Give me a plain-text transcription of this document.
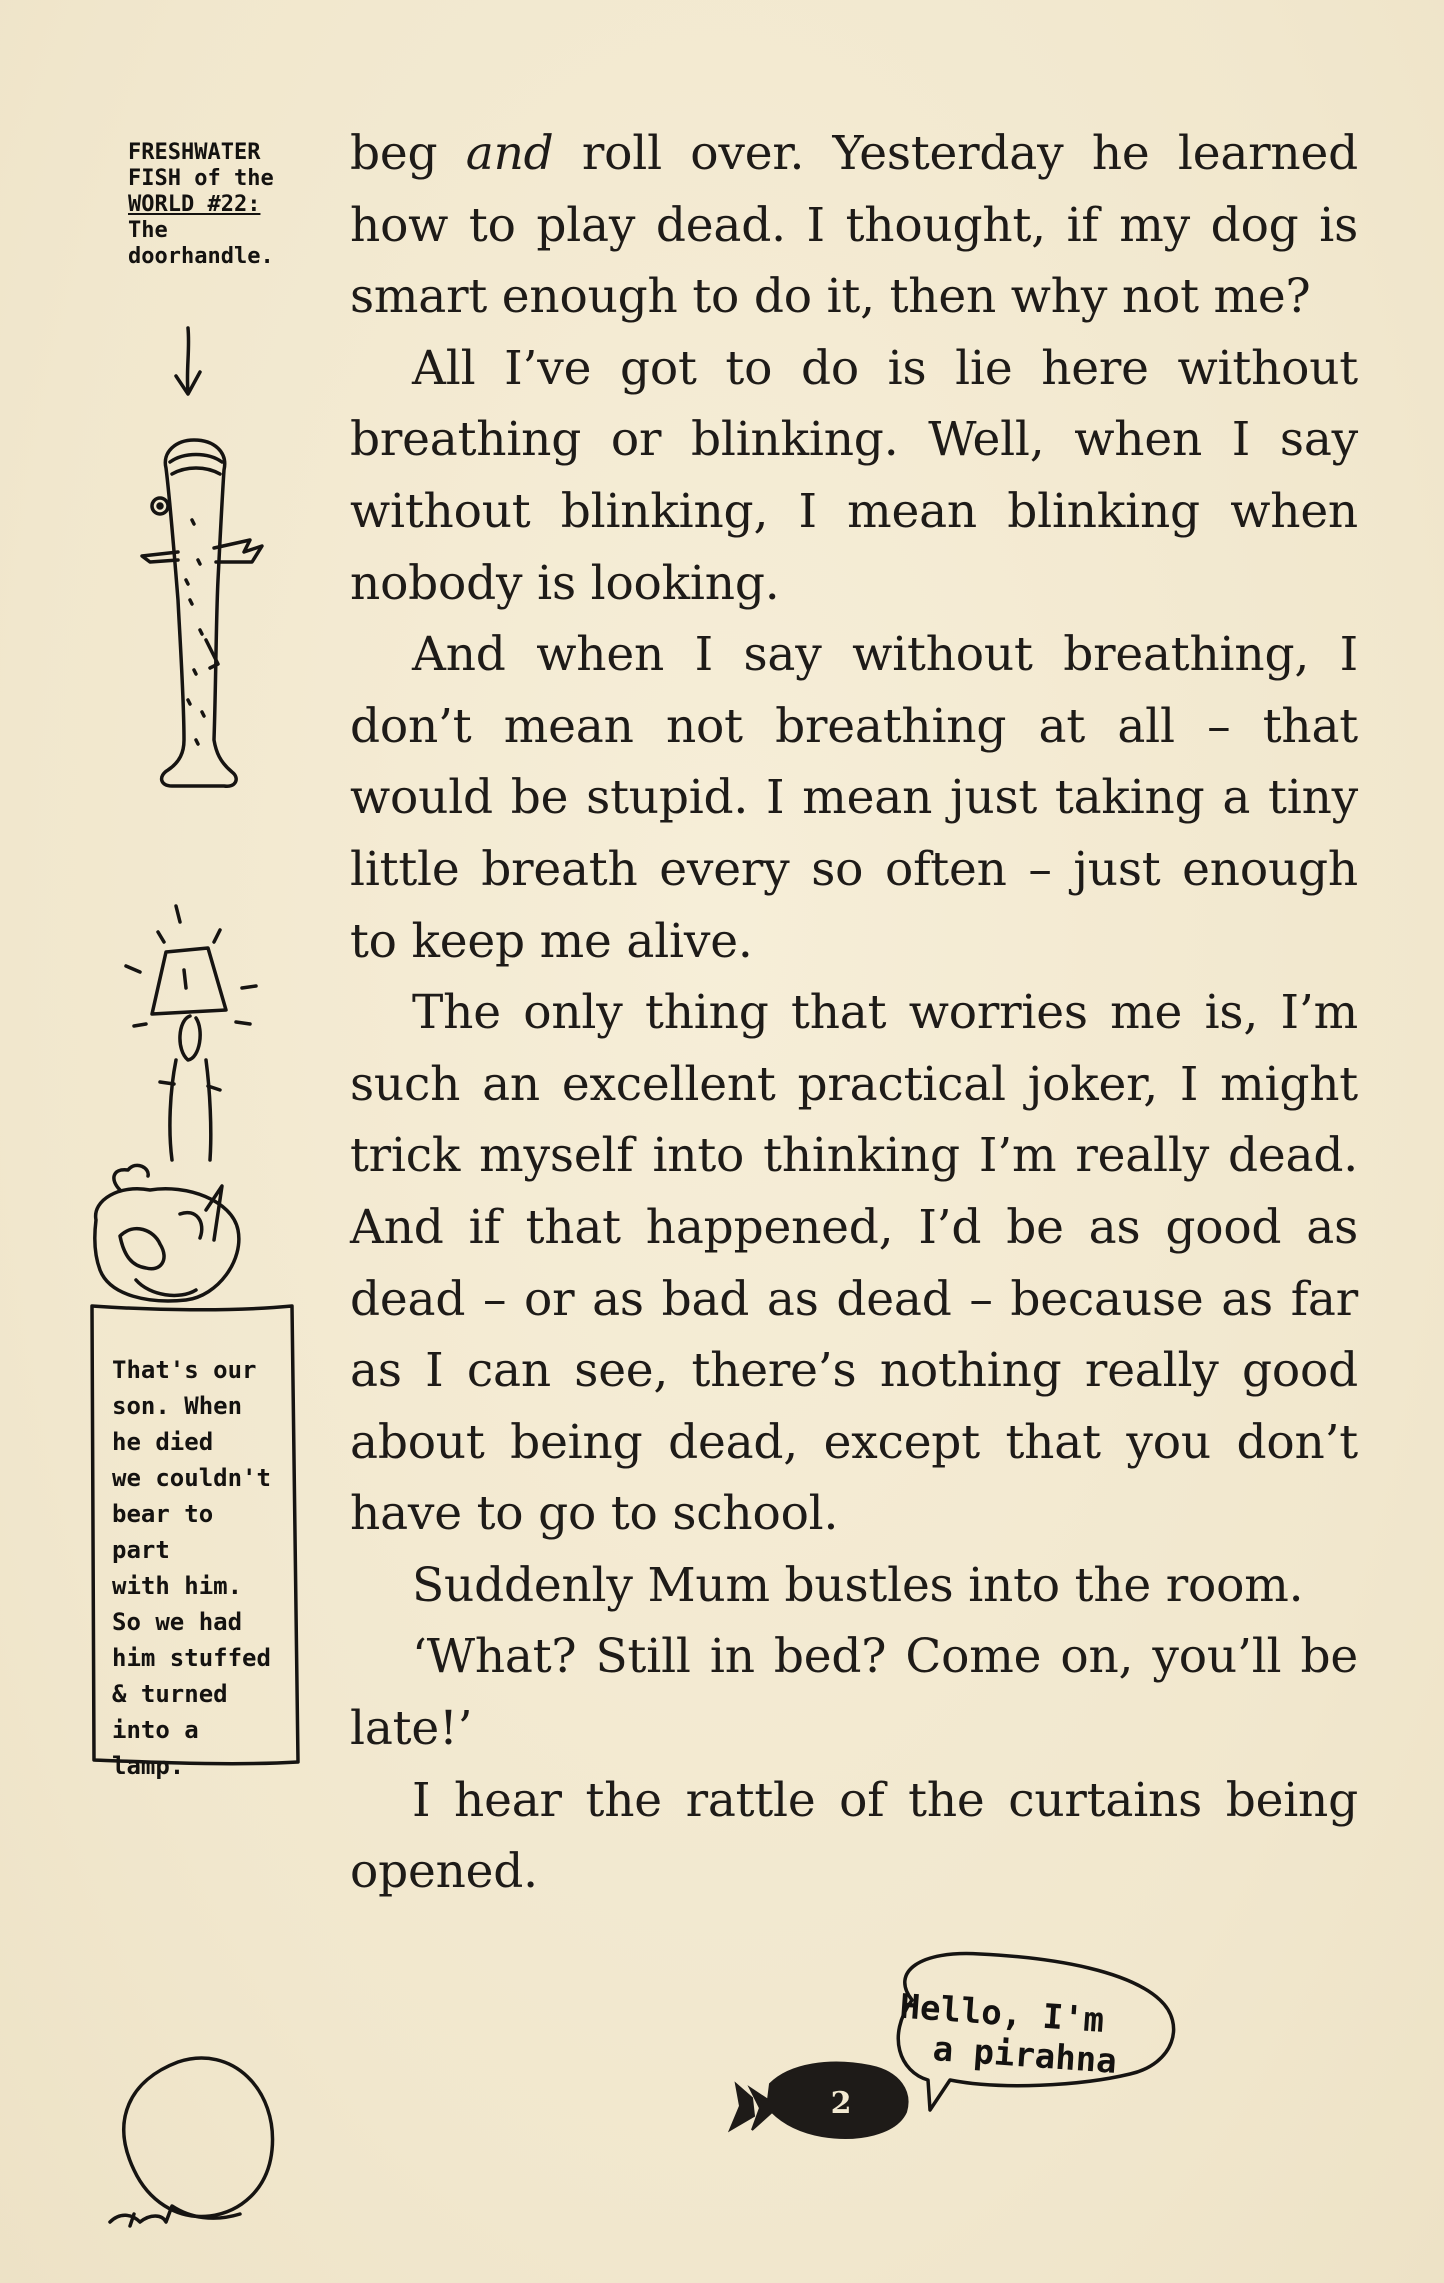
beg and roll over. Yesterday he learned how to play dead. I thought, if my dog is smart enough to do it, then why not me?

All I’ve got to do is lie here without breathing or blinking. Well, when I say without blinking, I mean blinking when nobody is looking.

And when I say without breathing, I don’t mean not breathing at all – that would be stupid. I mean just taking a tiny little breath every so often – just enough to keep me alive.

The only thing that worries me is, I’m such an excellent practical joker, I might trick myself into thinking I’m really dead. And if that happened, I’d be as good as dead – or as bad as dead – because as far as I can see, there’s nothing really good about being dead, except that you don’t have to go to school.

Suddenly Mum bustles into the room.

‘What? Still in bed? Come on, you’ll be late!’

I hear the rattle of the curtains being opened.

FRESHWATER
FISH of the
WORLD #22:
The
doorhandle.
That's our
son. When
he died
we couldn't
bear to part
with him.
So we had
him stuffed
& turned
into a
lamp.
Hello, I'm
a pirahna
2
